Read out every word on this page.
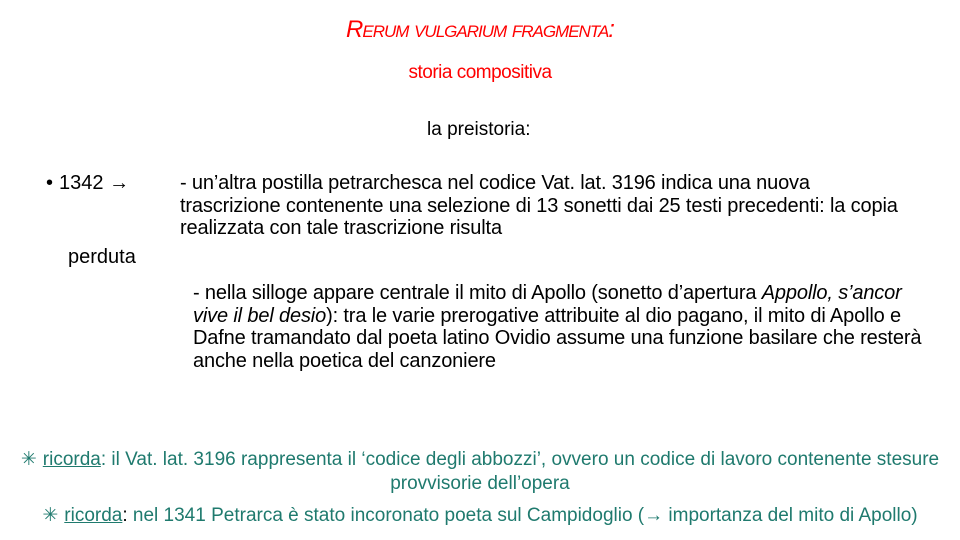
Rerum vulgarium fragmenta:
storia compositiva
la preistoria:
• 1342 →
perduta

- un’altra postilla petrarchesca nel codice Vat. lat. 3196 indica una nuova trascrizione contenente una selezione di 13 sonetti dai 25 testi precedenti: la copia realizzata con tale trascrizione risulta

- nella silloge appare centrale il mito di Apollo (sonetto d’apertura Appollo, s’ancor vive il bel desio): tra le varie prerogative attribuite al dio pagano, il mito di Apollo e Dafne tramandato dal poeta latino Ovidio assume una funzione basilare che resterà anche nella poetica del canzoniere

✳ ricorda: il Vat. lat. 3196 rappresenta il ‘codice degli abbozzi’, ovvero un codice di lavoro contenente stesure provvisorie dell’opera

✳ ricorda: nel 1341 Petrarca è stato incoronato poeta sul Campidoglio (→ importanza del mito di Apollo)
